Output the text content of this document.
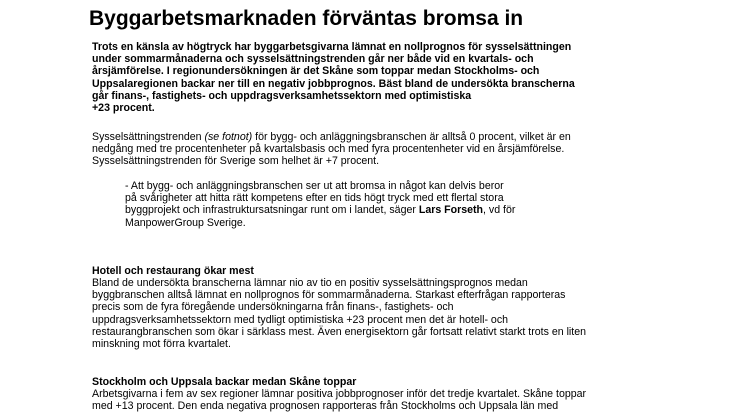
Byggarbetsmarknaden förväntas bromsa in
Trots en känsla av högtryck har byggarbetsgivarna lämnat en nollprognos för sysselsättningen
under sommarmånaderna och sysselsättningstrenden går ner både vid en kvartals- och
årsjämförelse. I regionundersökningen är det Skåne som toppar medan Stockholms- och
Uppsalaregionen backar ner till en negativ jobbprognos. Bäst bland de undersökta branscherna
går finans-, fastighets- och uppdragsverksamhetssektorn med optimistiska
+23 procent.
Sysselsättningstrenden (se fotnot) för bygg- och anläggningsbranschen är alltså 0 procent, vilket är en
nedgång med tre procentenheter på kvartalsbasis och med fyra procentenheter vid en årsjämförelse.
Sysselsättningstrenden för Sverige som helhet är +7 procent.
- Att bygg- och anläggningsbranschen ser ut att bromsa in något kan delvis beror
på svårigheter att hitta rätt kompetens efter en tids högt tryck med ett flertal stora
byggprojekt och infrastruktursatsningar runt om i landet, säger Lars Forseth, vd för
ManpowerGroup Sverige.
Hotell och restaurang ökar mest
Bland de undersökta branscherna lämnar nio av tio en positiv sysselsättningsprognos medan
byggbranschen alltså lämnat en nollprognos för sommarmånaderna. Starkast efterfrågan rapporteras
precis som de fyra föregående undersökningarna från finans-, fastighets- och
uppdragsverksamhetssektorn med tydligt optimistiska +23 procent men det är hotell- och
restaurangbranschen som ökar i särklass mest. Även energisektorn går fortsatt relativt starkt trots en liten
minskning mot förra kvartalet.
Stockholm och Uppsala backar medan Skåne toppar
Arbetsgivarna i fem av sex regioner lämnar positiva jobbprognoser inför det tredje kvartalet. Skåne toppar
med +13 procent. Den enda negativa prognosen rapporteras från Stockholms och Uppsala län med
